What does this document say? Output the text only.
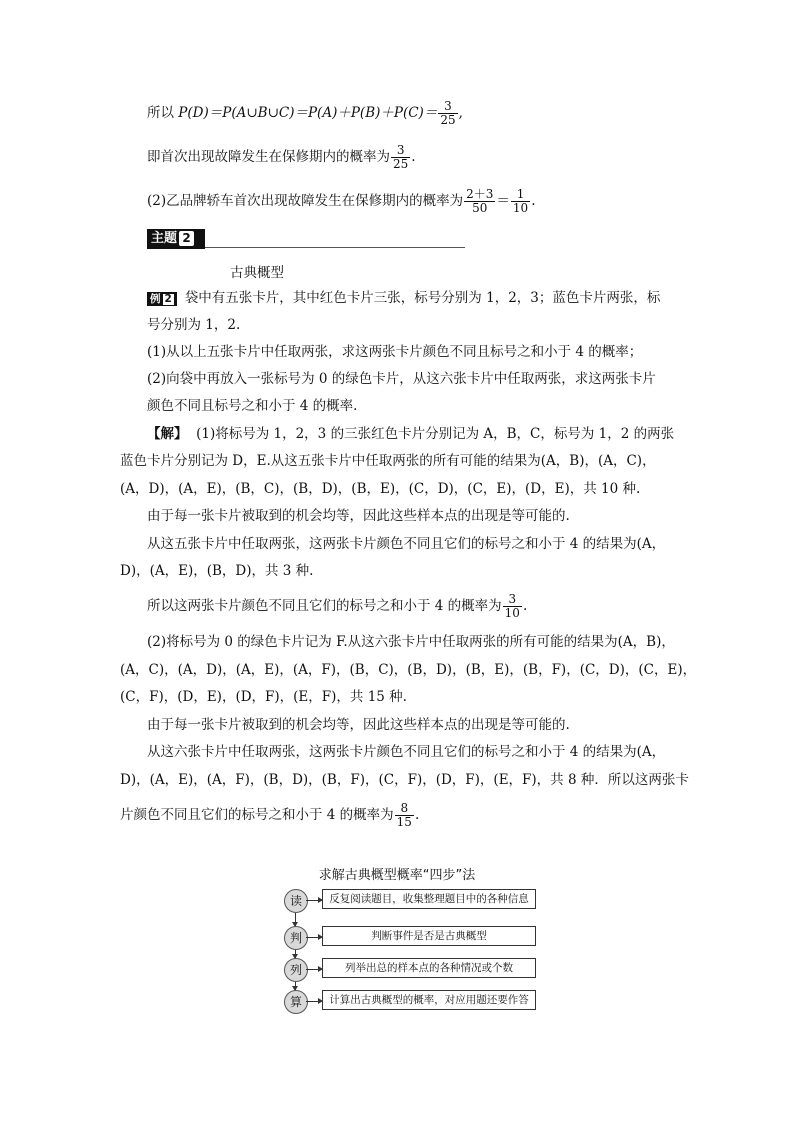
所以 P(D)＝P(A∪B∪C)＝P(A)＋P(B)＋P(C)＝ $\frac{3}{25}$ ,
即首次出现故障发生在保修期内的概率为 $\frac{3}{25}$ .
(2)乙品牌轿车首次出现故障发生在保修期内的概率为 $\frac{2+3}{50} = \frac{1}{10}$ .
主题 2
古典概型
例 2 袋中有五张卡片，其中红色卡片三张，标号分别为 1，2，3；蓝色卡片两张，标
号分别为 1，2.
(1)从以上五张卡片中任取两张，求这两张卡片颜色不同且标号之和小于 4 的概率；
(2)向袋中再放入一张标号为 0 的绿色卡片，从这六张卡片中任取两张，求这两张卡片
颜色不同且标号之和小于 4 的概率.
【解】 (1)将标号为 1，2，3 的三张红色卡片分别记为 A，B，C，标号为 1，2 的两张
蓝色卡片分别记为 D，E.从这五张卡片中任取两张的所有可能的结果为(A，B)，(A，C)，
(A，D)，(A，E)，(B，C)，(B，D)，(B，E)，(C，D)，(C，E)，(D，E)，共 10 种.
由于每一张卡片被取到的机会均等，因此这些样本点的出现是等可能的.
从这五张卡片中任取两张，这两张卡片颜色不同且它们的标号之和小于 4 的结果为(A，
D)，(A，E)，(B，D)，共 3 种.
所以这两张卡片颜色不同且它们的标号之和小于 4 的概率为 $\frac{3}{10}$ .
(2)将标号为 0 的绿色卡片记为 F.从这六张卡片中任取两张的所有可能的结果为(A，B)，
(A，C)，(A，D)，(A，E)，(A，F)，(B，C)，(B，D)，(B，E)，(B，F)，(C，D)，(C，E)，
(C，F)，(D，E)，(D，F)，(E，F)，共 15 种.
由于每一张卡片被取到的机会均等，因此这些样本点的出现是等可能的.
从这六张卡片中任取两张，这两张卡片颜色不同且它们的标号之和小于 4 的结果为(A，
D)，(A，E)，(A，F)，(B，D)，(B，F)，(C，F)，(D，F)，(E，F)，共 8 种．所以这两张卡
片颜色不同且它们的标号之和小于 4 的概率为 $\frac{8}{15}$ .
求解古典概型概率“四步”法
读	反复阅读题目，收集整理题目中的各种信息
判	判断事件是否是古典概型
列	列举出总的样本点的各种情况或个数
算	计算出古典概型的概率，对应用题还要作答
